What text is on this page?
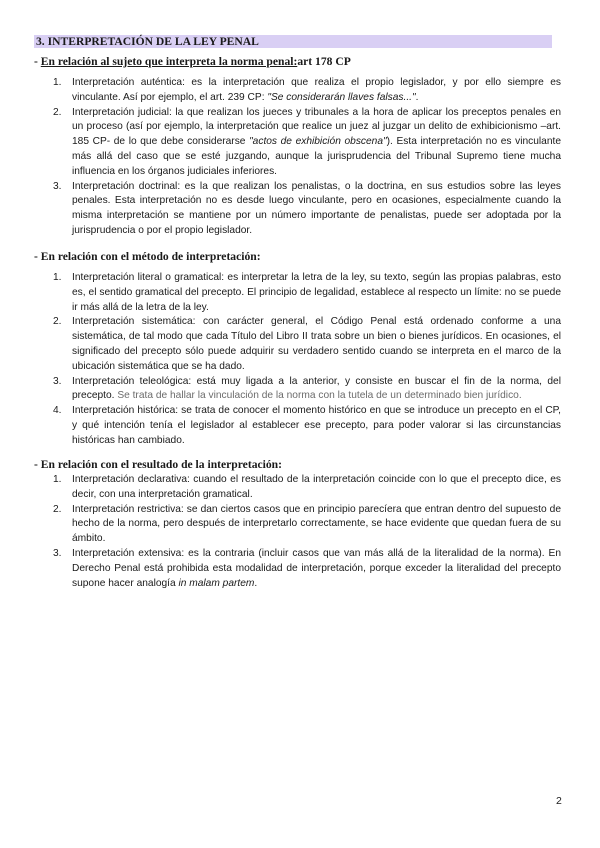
3. INTERPRETACIÓN DE LA LEY PENAL
- En relación al sujeto que interpreta la norma penal:art 178 CP
1. Interpretación auténtica: es la interpretación que realiza el propio legislador, y por ello siempre es vinculante. Así por ejemplo, el art. 239 CP: "Se considerarán llaves falsas...".
2. Interpretación judicial: la que realizan los jueces y tribunales a la hora de aplicar los preceptos penales en un proceso (así por ejemplo, la interpretación que realice un juez al juzgar un delito de exhibicionismo –art. 185 CP- de lo que debe considerarse "actos de exhibición obscena"). Esta interpretación no es vinculante más allá del caso que se esté juzgando, aunque la jurisprudencia del Tribunal Supremo tiene mucha influencia en los órganos judiciales inferiores.
3. Interpretación doctrinal: es la que realizan los penalistas, o la doctrina, en sus estudios sobre las leyes penales. Esta interpretación no es desde luego vinculante, pero en ocasiones, especialmente cuando la misma interpretación se mantiene por un número importante de penalistas, puede ser adoptada por la jurisprudencia o por el propio legislador.
- En relación con el método de interpretación:
1. Interpretación literal o gramatical: es interpretar la letra de la ley, su texto, según las propias palabras, esto es, el sentido gramatical del precepto. El principio de legalidad, establece al respecto un límite: no se puede ir más allá de la letra de la ley.
2. Interpretación sistemática: con carácter general, el Código Penal está ordenado conforme a una sistemática, de tal modo que cada Título del Libro II trata sobre un bien o bienes jurídicos. En ocasiones, el significado del precepto sólo puede adquirir su verdadero sentido cuando se interpreta en el marco de la ubicación sistemática que se ha dado.
3. Interpretación teleológica: está muy ligada a la anterior, y consiste en buscar el fin de la norma, del precepto. Se trata de hallar la vinculación de la norma con la tutela de un determinado bien jurídico.
4. Interpretación histórica: se trata de conocer el momento histórico en que se introduce un precepto en el CP, y qué intención tenía el legislador al establecer ese precepto, para poder valorar si las circunstancias históricas han cambiado.
- En relación con el resultado de la interpretación:
1. Interpretación declarativa: cuando el resultado de la interpretación coincide con lo que el precepto dice, es decir, con una interpretación gramatical.
2. Interpretación restrictiva: se dan ciertos casos que en principio parecíera que entran dentro del supuesto de hecho de la norma, pero después de interpretarlo correctamente, se hace evidente que quedan fuera de su ámbito.
3. Interpretación extensiva: es la contraria (incluir casos que van más allá de la literalidad de la norma). En Derecho Penal está prohibida esta modalidad de interpretación, porque exceder la literalidad del precepto supone hacer analogía in malam partem.
2
